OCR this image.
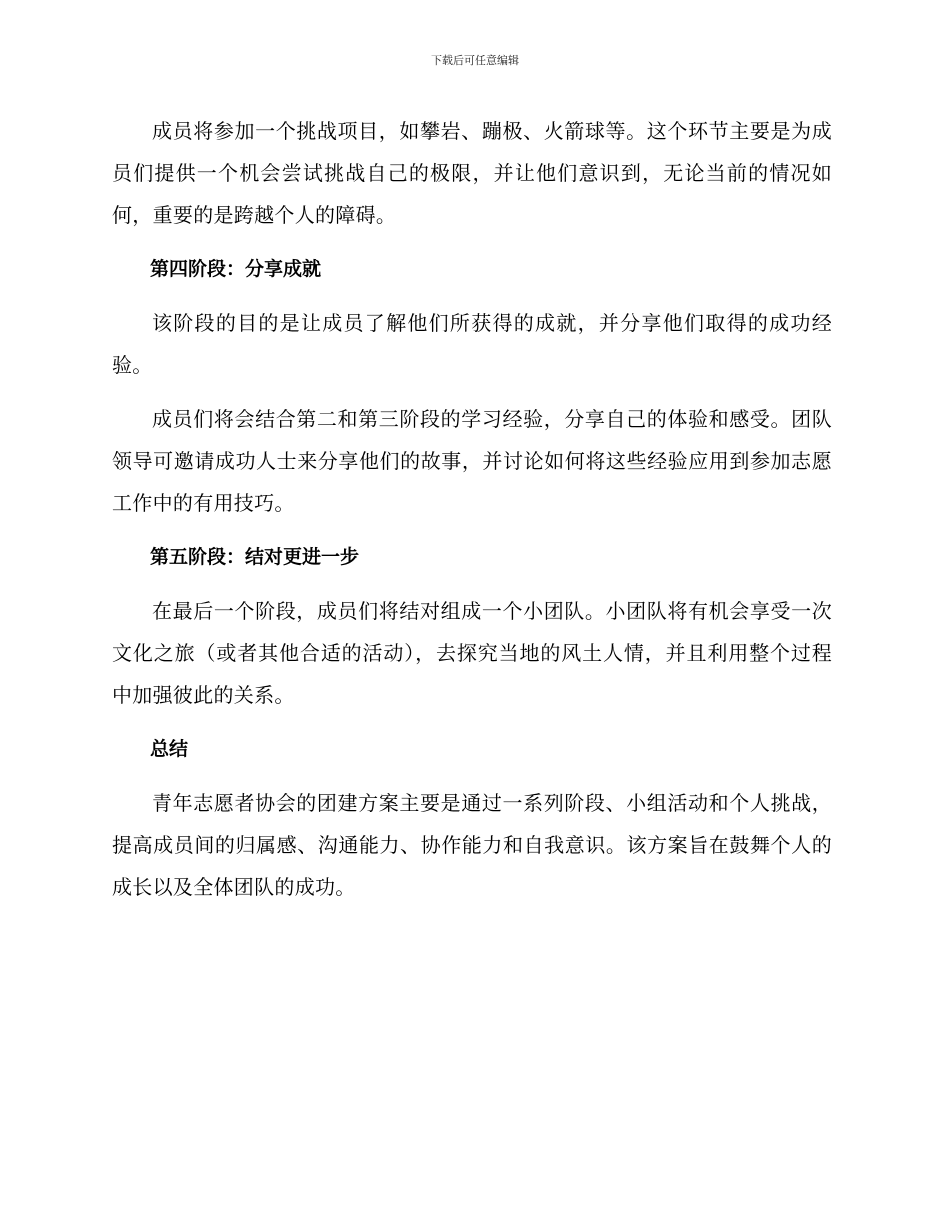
下载后可任意编辑

成员将参加一个挑战项目，如攀岩、蹦极、火箭球等。这个环节主要是为成员们提供一个机会尝试挑战自己的极限，并让他们意识到，无论当前的情况如何，重要的是跨越个人的障碍。

第四阶段：分享成就

该阶段的目的是让成员了解他们所获得的成就，并分享他们取得的成功经验。

成员们将会结合第二和第三阶段的学习经验，分享自己的体验和感受。团队领导可邀请成功人士来分享他们的故事，并讨论如何将这些经验应用到参加志愿工作中的有用技巧。

第五阶段：结对更进一步

在最后一个阶段，成员们将结对组成一个小团队。小团队将有机会享受一次文化之旅（或者其他合适的活动），去探究当地的风土人情，并且利用整个过程中加强彼此的关系。

总结

青年志愿者协会的团建方案主要是通过一系列阶段、小组活动和个人挑战，提高成员间的归属感、沟通能力、协作能力和自我意识。该方案旨在鼓舞个人的成长以及全体团队的成功。
